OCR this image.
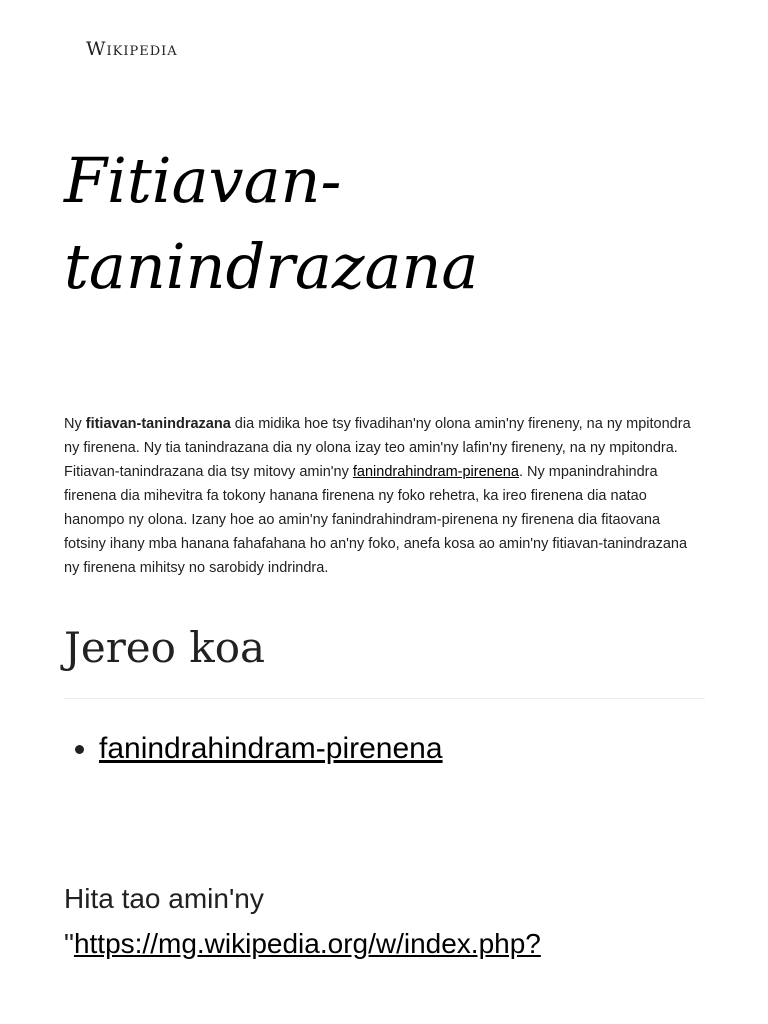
Wikipedia
Fitiavan-tanindrazana

Ny fitiavan-tanindrazana dia midika hoe tsy fivadihan'ny olona amin'ny fireneny, na ny mpitondra ny firenena. Ny tia tanindrazana dia ny olona izay teo amin'ny lafin'ny fireneny, na ny mpitondra. Fitiavan-tanindrazana dia tsy mitovy amin'ny fanindrahindram-pirenena. Ny mpanindrahindra firenena dia mihevitra fa tokony hanana firenena ny foko rehetra, ka ireo firenena dia natao hanompo ny olona. Izany hoe ao amin'ny fanindrahindram-pirenena ny firenena dia fitaovana fotsiny ihany mba hanana fahafahana ho an'ny foko, anefa kosa ao amin'ny fitiavan-tanindrazana ny firenena mihitsy no sarobidy indrindra.

Jereo koa
• fanindrahindram-pirenena

Hita tao amin'ny
"https://mg.wikipedia.org/w/index.php?
